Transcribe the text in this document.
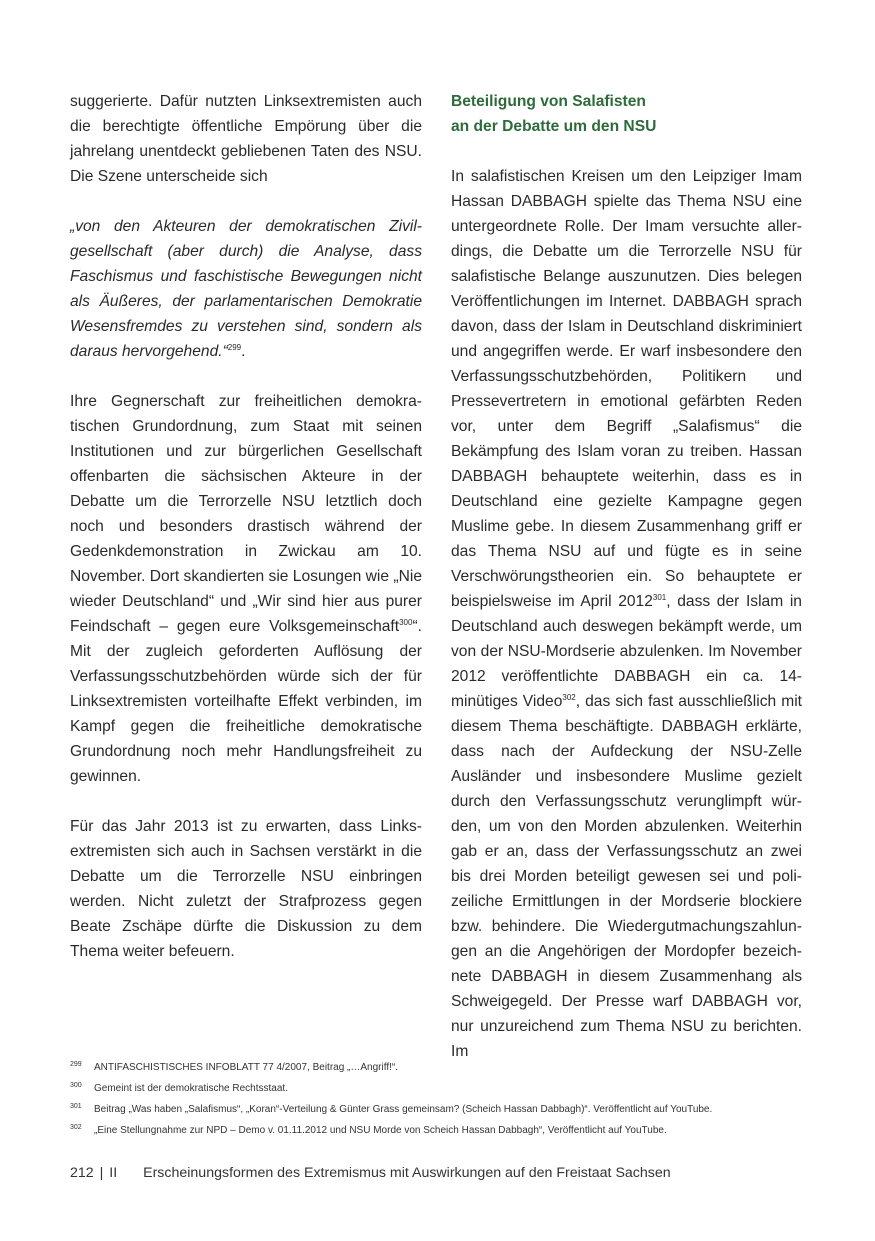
suggerierte. Dafür nutzten Linksextremisten auch die berechtigte öffentliche Empörung über die jahrelang unentdeckt gebliebenen Taten des NSU. Die Szene unterscheide sich

„von den Akteuren der demokratischen Zivilgesellschaft (aber durch) die Analyse, dass Faschismus und faschistische Bewegungen nicht als Äußeres, der parlamentarischen Demokratie Wesensfremdes zu verstehen sind, sondern als daraus hervorgehend.“$^{299}$.

Ihre Gegnerschaft zur freiheitlichen demokratischen Grundordnung, zum Staat mit seinen Institutionen und zur bürgerlichen Gesellschaft offenbarten die sächsischen Akteure in der Debatte um die Terrorzelle NSU letztlich doch noch und besonders drastisch während der Gedenkdemonstration in Zwickau am 10. November. Dort skandierten sie Losungen wie „Nie wieder Deutschland“ und „Wir sind hier aus purer Feindschaft – gegen eure Volksgemeinschaft$^{300}$“. Mit der zugleich geforderten Auflösung der Verfassungsschutzbehörden würde sich der für Linksextremisten vorteilhafte Effekt verbinden, im Kampf gegen die freiheitliche demokratische Grundordnung noch mehr Handlungsfreiheit zu gewinnen.

Für das Jahr 2013 ist zu erwarten, dass Linksextremisten sich auch in Sachsen verstärkt in die Debatte um die Terrorzelle NSU einbringen werden. Nicht zuletzt der Strafprozess gegen Beate Zschäpe dürfte die Diskussion zu dem Thema weiter befeuern.

Beteiligung von Salafisten
an der Debatte um den NSU

In salafistischen Kreisen um den Leipziger Imam Hassan DABBAGH spielte das Thema NSU eine untergeordnete Rolle. Der Imam versuchte allerdings, die Debatte um die Terrorzelle NSU für salafistische Belange auszunutzen. Dies belegen Veröffentlichungen im Internet. DABBAGH sprach davon, dass der Islam in Deutschland diskriminiert und angegriffen werde. Er warf insbesondere den Verfassungsschutzbehörden, Politikern und Pressevertretern in emotional gefärbten Reden vor, unter dem Begriff „Salafismus“ die Bekämpfung des Islam voran zu treiben. Hassan DABBAGH behauptete weiterhin, dass es in Deutschland eine gezielte Kampagne gegen Muslime gebe. In diesem Zusammenhang griff er das Thema NSU auf und fügte es in seine Verschwörungstheorien ein. So behauptete er beispielsweise im April 2012$^{301}$, dass der Islam in Deutschland auch deswegen bekämpft werde, um von der NSU-Mordserie abzulenken. Im November 2012 veröffentlichte DABBAGH ein ca. 14-minütiges Video$^{302}$, das sich fast ausschließlich mit diesem Thema beschäftigte. DABBAGH erklärte, dass nach der Aufdeckung der NSU-Zelle Ausländer und insbesondere Muslime gezielt durch den Verfassungsschutz verunglimpft würden, um von den Morden abzulenken. Weiterhin gab er an, dass der Verfassungsschutz an zwei bis drei Morden beteiligt gewesen sei und polizeiliche Ermittlungen in der Mordserie blockiere bzw. behindere. Die Wiedergutmachungszahlungen an die Angehörigen der Mordopfer bezeichnete DABBAGH in diesem Zusammenhang als Schweigegeld. Der Presse warf DABBAGH vor, nur unzureichend zum Thema NSU zu berichten. Im

299	ANTIFASCHISTISCHES INFOBLATT 77 4/2007, Beitrag „…Angriff!“.
300	Gemeint ist der demokratische Rechtsstaat.
301	Beitrag „Was haben „Salafismus“, „Koran“-Verteilung & Günter Grass gemeinsam? (Scheich Hassan Dabbagh)“. Veröffentlicht auf YouTube.
302	„Eine Stellungnahme zur NPD – Demo v. 01.11.2012 und NSU Morde von Scheich Hassan Dabbagh“, Veröffentlicht auf YouTube.
212 | II Erscheinungsformen des Extremismus mit Auswirkungen auf den Freistaat Sachsen
